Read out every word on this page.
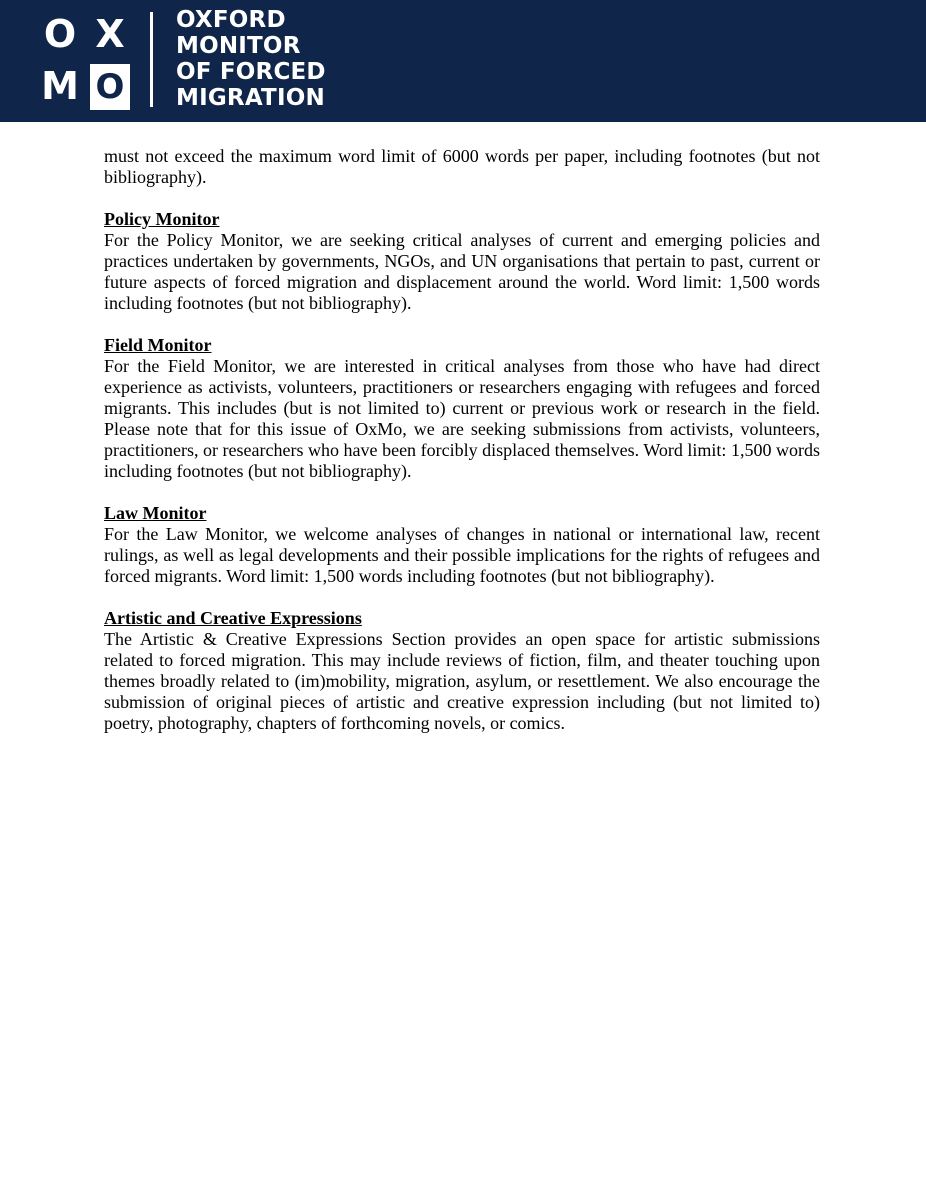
O X
M O
OXFORD
MONITOR
OF FORCED
MIGRATION

must not exceed the maximum word limit of 6000 words per paper, including footnotes (but not bibliography).

Policy Monitor

For the Policy Monitor, we are seeking critical analyses of current and emerging policies and practices undertaken by governments, NGOs, and UN organisations that pertain to past, current or future aspects of forced migration and displacement around the world. Word limit: 1,500 words including footnotes (but not bibliography).

Field Monitor

For the Field Monitor, we are interested in critical analyses from those who have had direct experience as activists, volunteers, practitioners or researchers engaging with refugees and forced migrants. This includes (but is not limited to) current or previous work or research in the field. Please note that for this issue of OxMo, we are seeking submissions from activists, volunteers, practitioners, or researchers who have been forcibly displaced themselves. Word limit: 1,500 words including footnotes (but not bibliography).

Law Monitor

For the Law Monitor, we welcome analyses of changes in national or international law, recent rulings, as well as legal developments and their possible implications for the rights of refugees and forced migrants. Word limit: 1,500 words including footnotes (but not bibliography).

Artistic and Creative Expressions

The Artistic & Creative Expressions Section provides an open space for artistic submissions related to forced migration. This may include reviews of fiction, film, and theater touching upon themes broadly related to (im)mobility, migration, asylum, or resettlement. We also encourage the submission of original pieces of artistic and creative expression including (but not limited to) poetry, photography, chapters of forthcoming novels, or comics.
